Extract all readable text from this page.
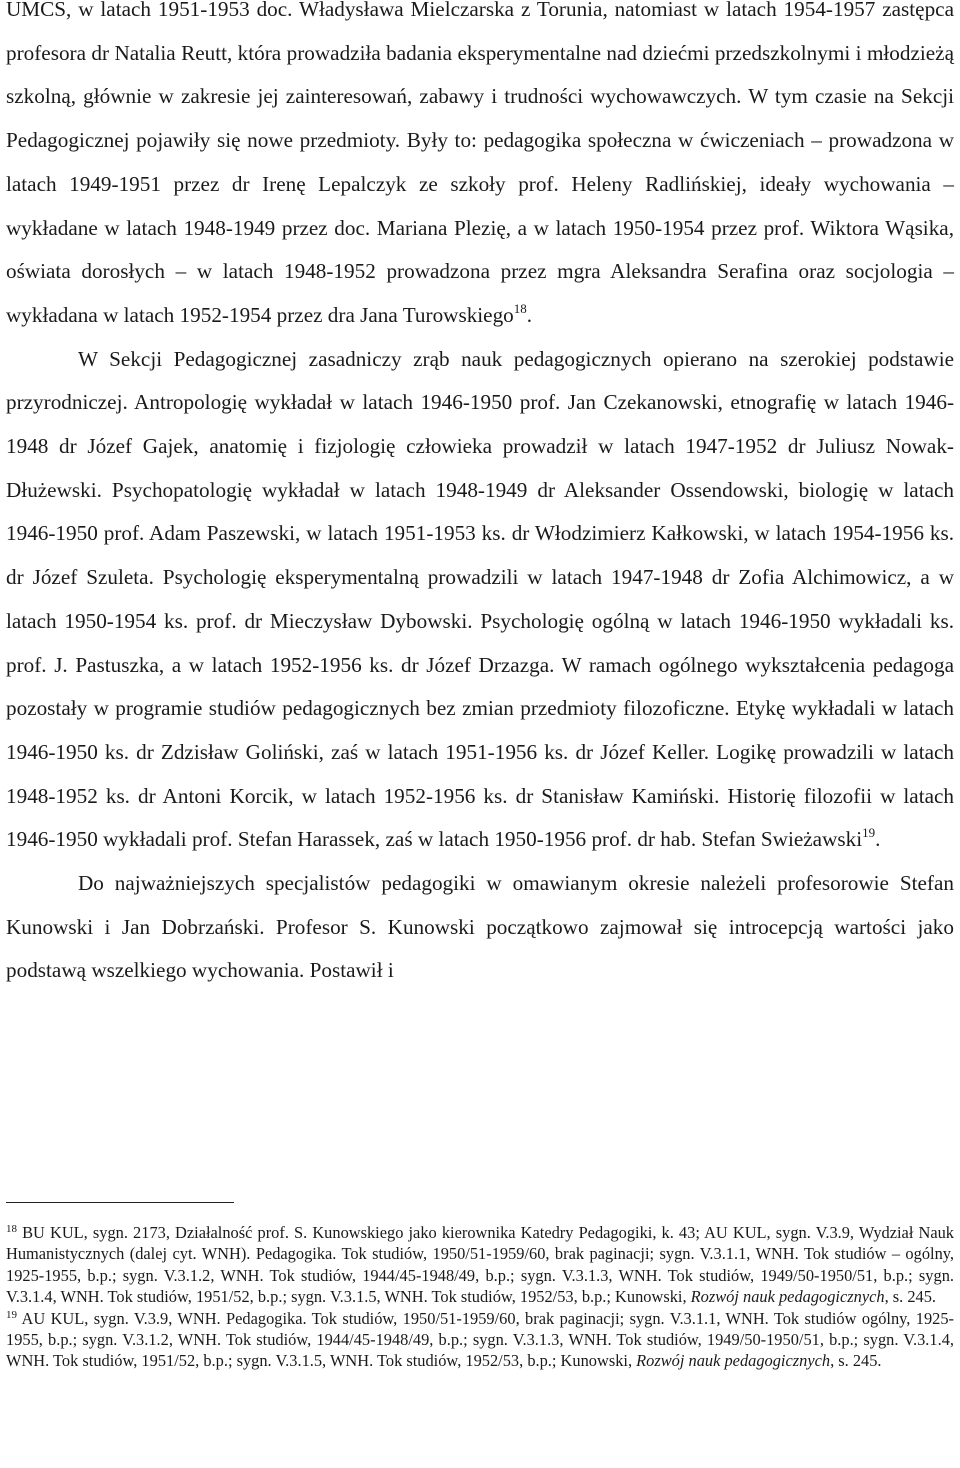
UMCS, w latach 1951-1953 doc. Władysława Mielczarska z Torunia, natomiast w latach 1954-1957 zastępca profesora dr Natalia Reutt, która prowadziła badania eksperymentalne nad dziećmi przedszkolnymi i młodzieżą szkolną, głównie w zakresie jej zainteresowań, zabawy i trudności wychowawczych. W tym czasie na Sekcji Pedagogicznej pojawiły się nowe przedmioty. Były to: pedagogika społeczna w ćwiczeniach – prowadzona w latach 1949-1951 przez dr Irenę Lepalczyk ze szkoły prof. Heleny Radlińskiej, ideały wychowania – wykładane w latach 1948-1949 przez doc. Mariana Plezię, a w latach 1950-1954 przez prof. Wiktora Wąsika, oświata dorosłych – w latach 1948-1952 prowadzona przez mgra Aleksandra Serafina oraz socjologia – wykładana w latach 1952-1954 przez dra Jana Turowskiego$^{18}$.

W Sekcji Pedagogicznej zasadniczy zrąb nauk pedagogicznych opierano na szerokiej podstawie przyrodniczej. Antropologię wykładał w latach 1946-1950 prof. Jan Czekanowski, etnografię w latach 1946-1948 dr Józef Gajek, anatomię i fizjologię człowieka prowadził w latach 1947-1952 dr Juliusz Nowak-Dłużewski. Psychopatologię wykładał w latach 1948-1949 dr Aleksander Ossendowski, biologię w latach 1946-1950 prof. Adam Paszewski, w latach 1951-1953 ks. dr Włodzimierz Kałkowski, w latach 1954-1956 ks. dr Józef Szuleta. Psychologię eksperymentalną prowadzili w latach 1947-1948 dr Zofia Alchimowicz, a w latach 1950-1954 ks. prof. dr Mieczysław Dybowski. Psychologię ogólną w latach 1946-1950 wykładali ks. prof. J. Pastuszka, a w latach 1952-1956 ks. dr Józef Drzazga. W ramach ogólnego wykształcenia pedagoga pozostały w programie studiów pedagogicznych bez zmian przedmioty filozoficzne. Etykę wykładali w latach 1946-1950 ks. dr Zdzisław Goliński, zaś w latach 1951-1956 ks. dr Józef Keller. Logikę prowadzili w latach 1948-1952 ks. dr Antoni Korcik, w latach 1952-1956 ks. dr Stanisław Kamiński. Historię filozofii w latach 1946-1950 wykładali prof. Stefan Harassek, zaś w latach 1950-1956 prof. dr hab. Stefan Swieżawski$^{19}$.

Do najważniejszych specjalistów pedagogiki w omawianym okresie należeli profesorowie Stefan Kunowski i Jan Dobrzański. Profesor S. Kunowski początkowo zajmował się introcepcją wartości jako podstawą wszelkiego wychowania. Postawił i

$^{18}$ BU KUL, sygn. 2173, Działalność prof. S. Kunowskiego jako kierownika Katedry Pedagogiki, k. 43; AU KUL, sygn. V.3.9, Wydział Nauk Humanistycznych (dalej cyt. WNH). Pedagogika. Tok studiów, 1950/51-1959/60, brak paginacji; sygn. V.3.1.1, WNH. Tok studiów – ogólny, 1925-1955, b.p.; sygn. V.3.1.2, WNH. Tok studiów, 1944/45-1948/49, b.p.; sygn. V.3.1.3, WNH. Tok studiów, 1949/50-1950/51, b.p.; sygn. V.3.1.4, WNH. Tok studiów, 1951/52, b.p.; sygn. V.3.1.5, WNH. Tok studiów, 1952/53, b.p.; Kunowski, Rozwój nauk pedagogicznych, s. 245.

$^{19}$ AU KUL, sygn. V.3.9, WNH. Pedagogika. Tok studiów, 1950/51-1959/60, brak paginacji; sygn. V.3.1.1, WNH. Tok studiów ogólny, 1925-1955, b.p.; sygn. V.3.1.2, WNH. Tok studiów, 1944/45-1948/49, b.p.; sygn. V.3.1.3, WNH. Tok studiów, 1949/50-1950/51, b.p.; sygn. V.3.1.4, WNH. Tok studiów, 1951/52, b.p.; sygn. V.3.1.5, WNH. Tok studiów, 1952/53, b.p.; Kunowski, Rozwój nauk pedagogicznych, s. 245.
